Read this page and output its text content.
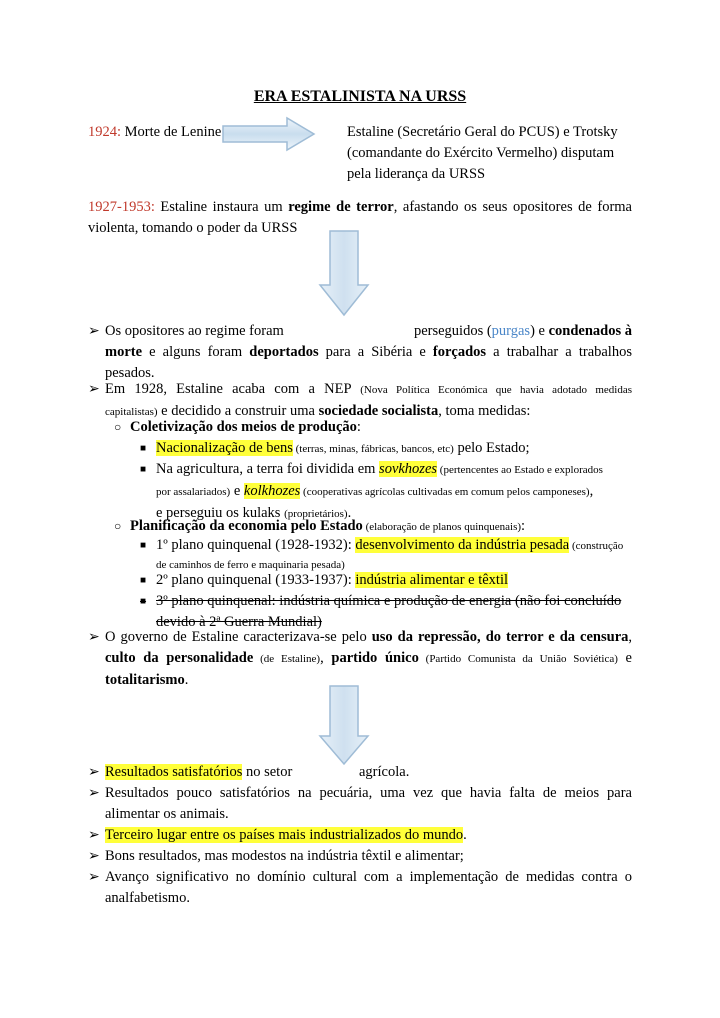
ERA ESTALINISTA NA URSS
1924: Morte de Lenine	Estaline (Secretário Geral do PCUS) e Trotsky
(comandante do Exército Vermelho) disputam
pela liderança da URSS
1927-1953: Estaline instaura um regime de terror, afastando os seus opositores de forma
violenta, tomando o poder da URSS
➢ Os opositores ao regime foram	perseguidos (purgas) e condenados à
morte e alguns foram deportados para a Sibéria e forçados a trabalhar a trabalhos
pesados.
➢ Em 1928, Estaline acaba com a NEP (Nova Política Económica que havia adotado medidas
capitalistas) e decidido a construir uma sociedade socialista, toma medidas:
○ Coletivização dos meios de produção:
■ Nacionalização de bens (terras, minas, fábricas, bancos, etc) pelo Estado;
■ Na agricultura, a terra foi dividida em sovkhozes (pertencentes ao Estado e explorados
por assalariados) e kolkhozes (cooperativas agrícolas cultivadas em comum pelos camponeses),
e perseguiu os kulaks (proprietários).
○ Planificação da economia pelo Estado (elaboração de planos quinquenais):
■ 1º plano quinquenal (1928-1932): desenvolvimento da indústria pesada (construção
de caminhos de ferro e maquinaria pesada)
■ 2º plano quinquenal (1933-1937): indústria alimentar e têxtil
■ 3º plano quinquenal: indústria química e produção de energia (não foi concluído
devido à 2ª Guerra Mundial)
➢ O governo de Estaline caracterizava-se pelo uso da repressão, do terror e da censura,
culto da personalidade (de Estaline), partido único (Partido Comunista da União Soviética) e
totalitarismo.
➢ Resultados satisfatórios no setor	agrícola.
➢ Resultados pouco satisfatórios na pecuária, uma vez que havia falta de meios para
alimentar os animais.
➢ Terceiro lugar entre os países mais industrializados do mundo.
➢ Bons resultados, mas modestos na indústria têxtil e alimentar;
➢ Avanço significativo no domínio cultural com a implementação de medidas contra o
analfabetismo.
